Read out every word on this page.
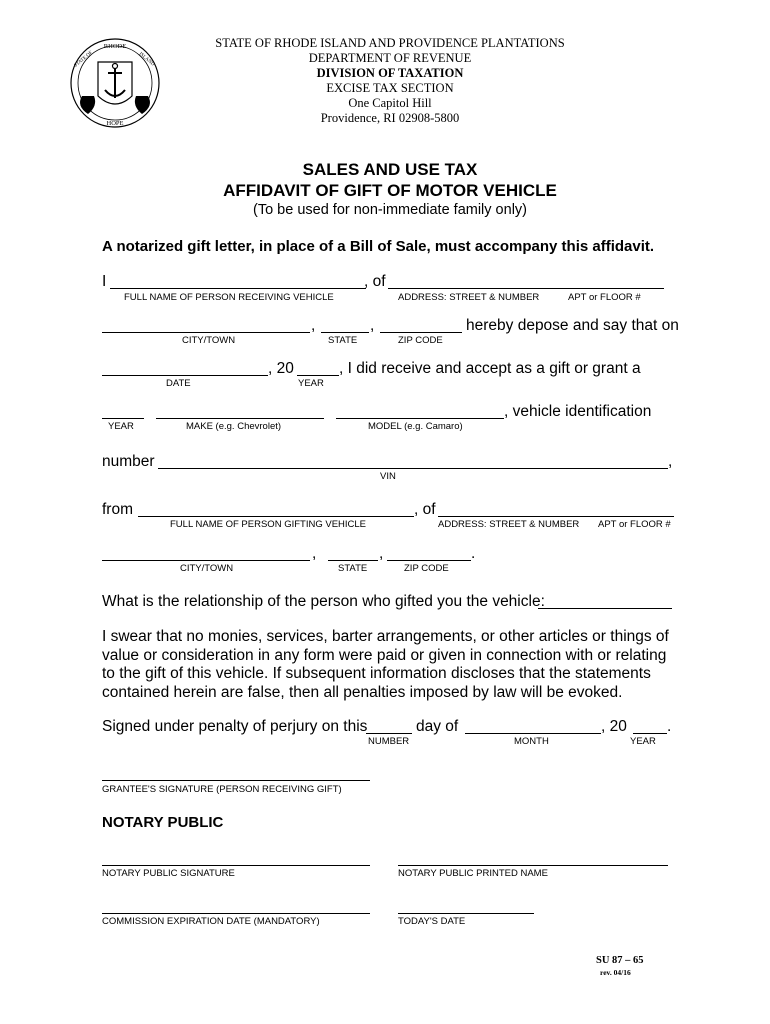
RHODE
STATE OF	ISLAND
HOPE
STATE OF RHODE ISLAND AND PROVIDENCE PLANTATIONS
DEPARTMENT OF REVENUE
DIVISION OF TAXATION
EXCISE TAX SECTION
One Capitol Hill
Providence, RI 02908-5800
SALES AND USE TAX
AFFIDAVIT OF GIFT OF MOTOR VEHICLE
(To be used for non-immediate family only)
A notarized gift letter, in place of a Bill of Sale, must accompany this affidavit.
I	, of
FULL NAME OF PERSON RECEIVING VEHICLE	ADDRESS: STREET & NUMBER	APT or FLOOR #
,	,	hereby depose and say that on
CITY/TOWN	STATE	ZIP CODE
, 20	, I did receive and accept as a gift or grant a
DATE	YEAR
, vehicle identification
YEAR	MAKE (e.g. Chevrolet)	MODEL (e.g. Camaro)
number	,
VIN
from	, of
FULL NAME OF PERSON GIFTING VEHICLE	ADDRESS: STREET & NUMBER APT or FLOOR #
,	,	.
CITY/TOWN	STATE	ZIP CODE
What is the relationship of the person who gifted you the vehicle:
I swear that no monies, services, barter arrangements, or other articles or things of value or consideration in any form were paid or given in connection with or relating to the gift of this vehicle. If subsequent information discloses that the statements contained herein are false, then all penalties imposed by law will be evoked.
Signed under penalty of perjury on this	day of	, 20	.
NUMBER	MONTH	YEAR
GRANTEE'S SIGNATURE (PERSON RECEIVING GIFT)
NOTARY PUBLIC
NOTARY PUBLIC SIGNATURE	NOTARY PUBLIC PRINTED NAME
COMMISSION EXPIRATION DATE (MANDATORY)	TODAY'S DATE
SU 87 – 65
rev. 04/16
